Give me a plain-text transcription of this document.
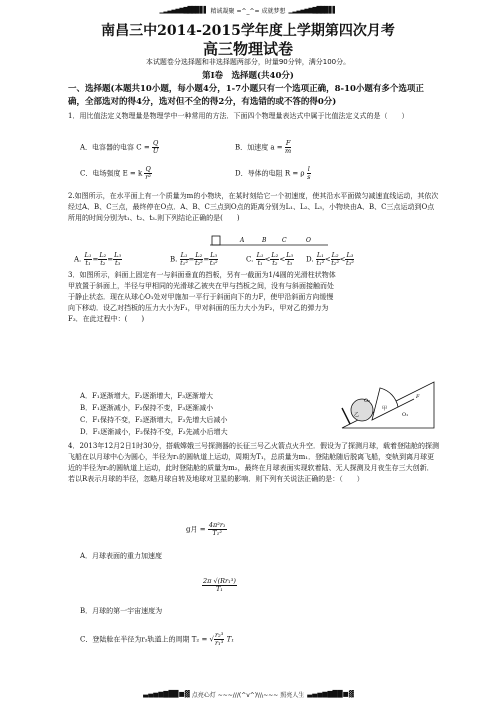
▁▂▃▄▅▆▇█▉▊▋▌ 精诚凝聚 =^_^= 成就梦想 ▁▂▃▄▅▆▇█▉▊▋▌
南昌三中2014-2015学年度上学期第四次月考
高三物理试卷
本试题卷分选择题和非选择题两部分，时量90分钟，满分100分。
第Ⅰ卷　选择题(共40分)
一、选择题(本题共10小题，每小题4分，1-7小题只有一个选项正确，8-10小题有多个选项正确，全部选对的得4分，选对但不全的得2分，有选错的或不答的得0分)
1．用比值法定义物理量是物理学中一种常用的方法．下面四个物理量表达式中属于比值法定义式的是（　　）
A．电容器的电容 $C = \frac{Q}{U}$	B．加速度 $a = \frac{F}{m}$
C．电场强度 E = k $\frac{Q}{\text{r²}}$	D．导体的电阻 R = ρ $\frac{l}{s}$
2.如图所示，在水平面上有一个质量为m的小物块，在某时刻给它一个初速度，使其沿水平面做匀减速直线运动，其依次经过A、B、C三点，最终停在O点．A、B、C三点到O点的距离分别为L₁、L₂、L₃，小物块由A、B、C三点运动到O点所用的时间分别为t₁、t₂、t₃.则下列结论正确的是(　　)
A	B	C	O
A. $\frac{\text{L₁}}{\text{t₁}} = \frac{\text{L₂}}{\text{t₂}} = \frac{\text{L₃}}{\text{t₃}}$	B. $\frac{\text{L₁}}{\text{t₁²}} = \frac{\text{L₂}}{\text{t₂²}} = \frac{\text{L₃}}{\text{t₃²}}$	C. $\frac{\text{L₁}}{\text{t₁}} < \frac{\text{L₂}}{\text{t₂}} < \frac{\text{L₃}}{\text{t₃}} D$. $\frac{\text{L₁}}{\text{t₁²}} < \frac{\text{L₂}}{\text{t₂²}} < \frac{\text{L₃}}{\text{t₃²}}$
3．如图所示，斜面上固定有一与斜面垂直的挡板，另有一截面为1/4圆的光滑柱状物体甲放置于斜面上，半径与甲相同的光滑球乙被夹在甲与挡板之间，没有与斜面接触而处于静止状态．现在从球心O₁处对甲施加一平行于斜面向下的力F，使甲沿斜面方向缓慢向下移动．设乙对挡板的压力大小为F₁，甲对斜面的压力大小为F₂，甲对乙的弹力为F₃．在此过程中：(　　)
O₂
乙
甲
O₁
F
A．F₁逐渐增大，F₂逐渐增大，F₃逐渐增大
B．F₁逐渐减小，F₂保持不变，F₃逐渐减小
C．F₁保持不变，F₂逐渐增大，F₃先增大后减小
D．F₁逐渐减小，F₂保持不变，F₃先减小后增大
4．2013年12月2日1时30分，搭载嫦娥三号探测器的长征三号乙火箭点火升空．假设为了探测月球，载着登陆舱的探测飞船在以月球中心为圆心，半径为r₁的圆轨道上运动，周期为T₁，总质量为m₁．登陆舱随后脱离飞船，变轨到离月球更近的半径为r₂的圆轨道上运动，此时登陆舱的质量为m₂，最终在月球表面实现软着陆、无人探测及月夜生存三大创新．若以R表示月球的半径，忽略月球自转及地球对卫星的影响．则下列有关说法正确的是：（　　）
g月 = $\frac{\text{4π²r₁}}{\text{T₁²}}$
A．月球表面的重力加速度
$\frac{\text{2π √(Rr₁³)}}{\text{T₁}}$
B．月球的第一宇宙速度为
C．登陆舱在半径为r₂轨道上的周期 T₂ = √ $\frac{\text{r₂³}}{\text{r₁³}} T_1$
▃ ▄ ▅ ▆ ▇ █ █ ■ ▓ 点亮心灯 ~~~///(^v^)\\\~~~ 照亮人生 ▃ ▄ ▅ ▆ ▇ █ █ ■ ▓
